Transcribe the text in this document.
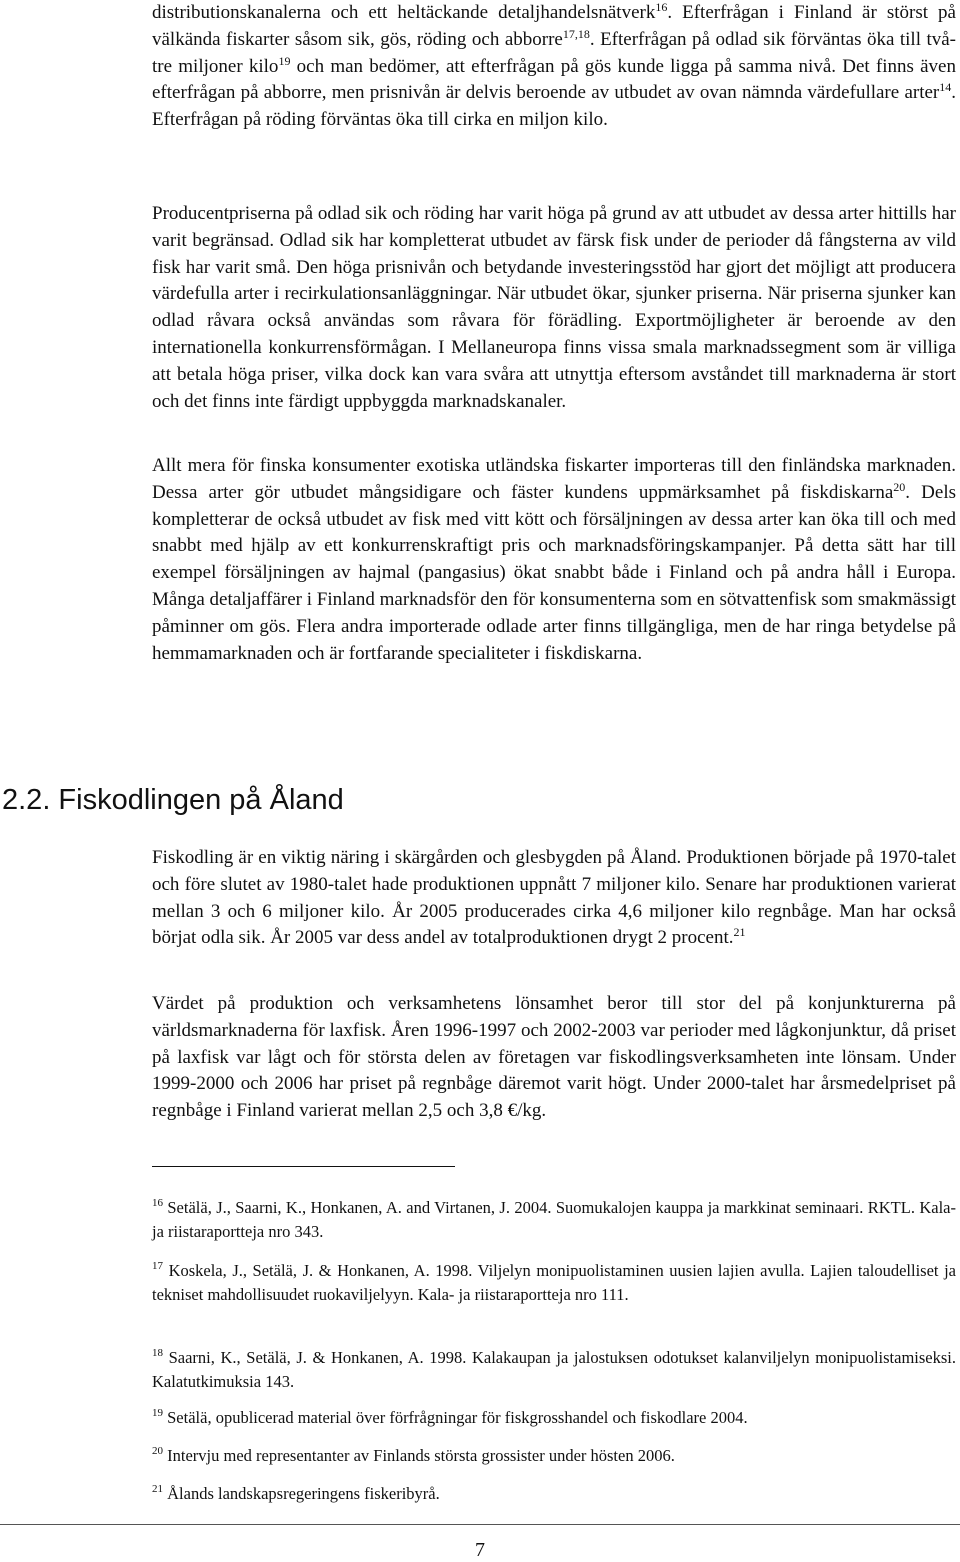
distributionskanalerna och ett heltäckande detaljhandelsnätverk$^{16}$. Efterfrågan i Finland är störst på välkända fiskarter såsom sik, gös, röding och abborre$^{17,18}$. Efterfrågan på odlad sik förväntas öka till två-tre miljoner kilo$^{19}$ och man bedömer, att efterfrågan på gös kunde ligga på samma nivå. Det finns även efterfrågan på abborre, men prisnivån är delvis beroende av utbudet av ovan nämnda värdefullare arter$^{14}$. Efterfrågan på röding förväntas öka till cirka en miljon kilo.

Producentpriserna på odlad sik och röding har varit höga på grund av att utbudet av dessa arter hittills har varit begränsad. Odlad sik har kompletterat utbudet av färsk fisk under de perioder då fångsterna av vild fisk har varit små. Den höga prisnivån och betydande investeringsstöd har gjort det möjligt att producera värdefulla arter i recirkulationsanläggningar. När utbudet ökar, sjunker priserna. När priserna sjunker kan odlad råvara också användas som råvara för förädling. Exportmöjligheter är beroende av den internationella konkurrensförmågan. I Mellaneuropa finns vissa smala marknadssegment som är villiga att betala höga priser, vilka dock kan vara svåra att utnyttja eftersom avståndet till marknaderna är stort och det finns inte färdigt uppbyggda marknadskanaler.

Allt mera för finska konsumenter exotiska utländska fiskarter importeras till den finländska marknaden. Dessa arter gör utbudet mångsidigare och fäster kundens uppmärksamhet på fiskdiskarna$^{20}$. Dels kompletterar de också utbudet av fisk med vitt kött och försäljningen av dessa arter kan öka till och med snabbt med hjälp av ett konkurrenskraftigt pris och marknadsföringskampanjer. På detta sätt har till exempel försäljningen av hajmal (pangasius) ökat snabbt både i Finland och på andra håll i Europa. Många detaljaffärer i Finland marknadsför den för konsumenterna som en sötvattenfisk som smakmässigt påminner om gös. Flera andra importerade odlade arter finns tillgängliga, men de har ringa betydelse på hemmamarknaden och är fortfarande specialiteter i fiskdiskarna.

2.2. Fiskodlingen på Åland

Fiskodling är en viktig näring i skärgården och glesbygden på Åland. Produktionen började på 1970-talet och före slutet av 1980-talet hade produktionen uppnått 7 miljoner kilo. Senare har produktionen varierat mellan 3 och 6 miljoner kilo. År 2005 producerades cirka 4,6 miljoner kilo regnbåge. Man har också börjat odla sik. År 2005 var dess andel av totalproduktionen drygt 2 procent.$^{21}$

Värdet på produktion och verksamhetens lönsamhet beror till stor del på konjunkturerna på världsmarknaderna för laxfisk. Åren 1996-1997 och 2002-2003 var perioder med lågkonjunktur, då priset på laxfisk var lågt och för största delen av företagen var fiskodlingsverksamheten inte lönsam. Under 1999-2000 och 2006 har priset på regnbåge däremot varit högt. Under 2000-talet har årsmedelpriset på regnbåge i Finland varierat mellan 2,5 och 3,8 €/kg.

$^{16}$ Setälä, J., Saarni, K., Honkanen, A. and Virtanen, J. 2004. Suomukalojen kauppa ja markkinat seminaari. RKTL. Kala- ja riistaraportteja nro 343.

$^{17}$ Koskela, J., Setälä, J. & Honkanen, A. 1998. Viljelyn monipuolistaminen uusien lajien avulla. Lajien taloudelliset ja tekniset mahdollisuudet ruokaviljelyyn. Kala- ja riistaraportteja nro 111.

$^{18}$ Saarni, K., Setälä, J. & Honkanen, A. 1998. Kalakaupan ja jalostuksen odotukset kalanviljelyn monipuolistamiseksi. Kalatutkimuksia 143.

$^{19}$ Setälä, opublicerad material över förfrågningar för fiskgrosshandel och fiskodlare 2004.

$^{20}$ Intervju med representanter av Finlands största grossister under hösten 2006.

$^{21}$ Ålands landskapsregeringens fiskeribyrå.

7
